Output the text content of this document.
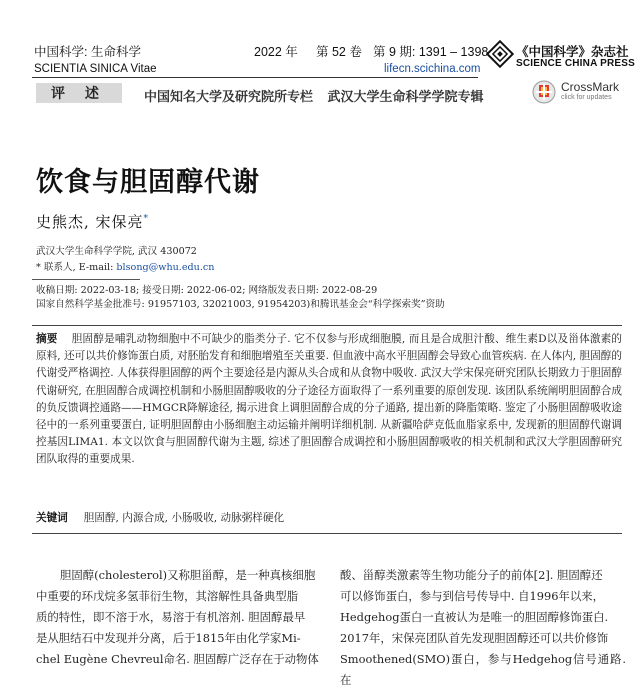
中国科学: 生命科学	2022 年 第 52 卷 第 9 期: 1391 – 1398
SCIENTIA SINICA Vitae	lifecn.scichina.com
《中国科学》杂志社
SCIENCE CHINA PRESS
评 述	中国知名大学及研究院所专栏    武汉大学生命科学学院专辑
CrossMark
click for updates
饮食与胆固醇代谢
史熊杰, 宋保亮*
武汉大学生命科学学院, 武汉 430072
* 联系人, E-mail: blsong@whu.edu.cn
收稿日期: 2022-03-18; 接受日期: 2022-06-02; 网络版发表日期: 2022-08-29
国家自然科学基金批准号: 91957103, 32021003, 91954203)和腾讯基金会“科学探索奖”资助
摘要 胆固醇是哺乳动物细胞中不可缺少的脂类分子. 它不仅参与形成细胞膜, 而且是合成胆汁酸、维生素D以及甾体激素的原料, 还可以共价修饰蛋白质, 对胚胎发育和细胞增殖至关重要. 但血液中高水平胆固醇会导致心血管疾病. 在人体内, 胆固醇的代谢受严格调控. 人体获得胆固醇的两个主要途径是内源从头合成和从食物中吸收. 武汉大学宋保亮研究团队长期致力于胆固醇代谢研究, 在胆固醇合成调控机制和小肠胆固醇吸收的分子途径方面取得了一系列重要的原创发现. 该团队系统阐明胆固醇合成的负反馈调控通路——HMGCR降解途径, 揭示进食上调胆固醇合成的分子通路, 提出新的降脂策略. 鉴定了小肠胆固醇吸收途径中的一系列重要蛋白, 证明胆固醇由小肠细胞主动运输并阐明详细机制. 从新疆哈萨克低血脂家系中, 发现新的胆固醇代谢调控基因LIMA1. 本文以饮食与胆固醇代谢为主题, 综述了胆固醇合成调控和小肠胆固醇吸收的相关机制和武汉大学胆固醇研究团队取得的重要成果.
关键词 胆固醇, 内源合成, 小肠吸收, 动脉粥样硬化
胆固醇(cholesterol)又称胆甾醇，是一种真核细胞
中重要的环戊烷多氢菲衍生物，其溶解性具备典型脂
质的特性，即不溶于水，易溶于有机溶剂. 胆固醇最早
是从胆结石中发现并分离，后于1815年由化学家Mi-
chel Eugène Chevreul命名. 胆固醇广泛存在于动物体
酸、甾醇类激素等生物功能分子的前体[2]. 胆固醇还
可以修饰蛋白，参与到信号传导中. 自1996年以来，
Hedgehog蛋白一直被认为是唯一的胆固醇修饰蛋白.
2017年，宋保亮团队首先发现胆固醇还可以共价修饰
Smoothened(SMO)蛋白，参与Hedgehog信号通路. 在
